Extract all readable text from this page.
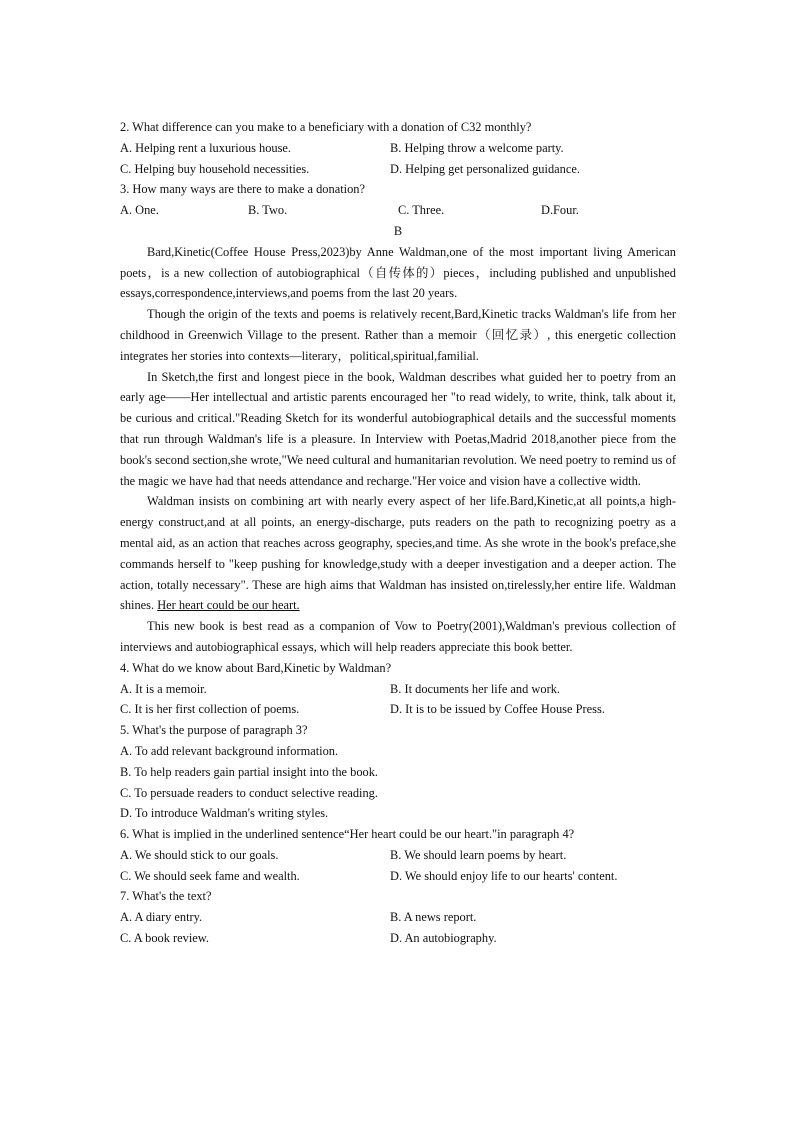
2. What difference can you make to a beneficiary with a donation of C32 monthly?
A. Helping rent a luxurious house.	B. Helping throw a welcome party.
C. Helping buy household necessities.	D. Helping get personalized guidance.
3. How many ways are there to make a donation?
A. One.	B. Two.	C. Three.	D.Four.
B
Bard,Kinetic(Coffee House Press,2023)by Anne Waldman,one of the most important living American poets，is a new collection of autobiographical（自传体的）pieces，including published and unpublished essays,correspondence,interviews,and poems from the last 20 years.
Though the origin of the texts and poems is relatively recent,Bard,Kinetic tracks Waldman's life from her childhood in Greenwich Village to the present. Rather than a memoir（回忆录）, this energetic collection integrates her stories into contexts—literary，political,spiritual,familial.
In Sketch,the first and longest piece in the book, Waldman describes what guided her to poetry from an early age——Her intellectual and artistic parents encouraged her "to read widely, to write, think, talk about it, be curious and critical."Reading Sketch for its wonderful autobiographical details and the successful moments that run through Waldman's life is a pleasure. In Interview with Poetas,Madrid 2018,another piece from the book's second section,she wrote,"We need cultural and humanitarian revolution. We need poetry to remind us of the magic we have had that needs attendance and recharge."Her voice and vision have a collective width.
Waldman insists on combining art with nearly every aspect of her life.Bard,Kinetic,at all points,a high-energy construct,and at all points, an energy-discharge, puts readers on the path to recognizing poetry as a mental aid, as an action that reaches across geography, species,and time. As she wrote in the book's preface,she commands herself to "keep pushing for knowledge,study with a deeper investigation and a deeper action. The action, totally necessary". These are high aims that Waldman has insisted on,tirelessly,her entire life. Waldman shines. Her heart could be our heart.
This new book is best read as a companion of Vow to Poetry(2001),Waldman's previous collection of interviews and autobiographical essays, which will help readers appreciate this book better.
4. What do we know about Bard,Kinetic by Waldman?
A. It is a memoir.	B. It documents her life and work.
C. It is her first collection of poems.	D. It is to be issued by Coffee House Press.
5. What's the purpose of paragraph 3?
A. To add relevant background information.
B. To help readers gain partial insight into the book.
C. To persuade readers to conduct selective reading.
D. To introduce Waldman's writing styles.
6. What is implied in the underlined sentence“Her heart could be our heart."in paragraph 4?
A. We should stick to our goals.	B. We should learn poems by heart.
C. We should seek fame and wealth.	D. We should enjoy life to our hearts' content.
7. What's the text?
A. A diary entry.	B. A news report.
C. A book review.	D. An autobiography.
